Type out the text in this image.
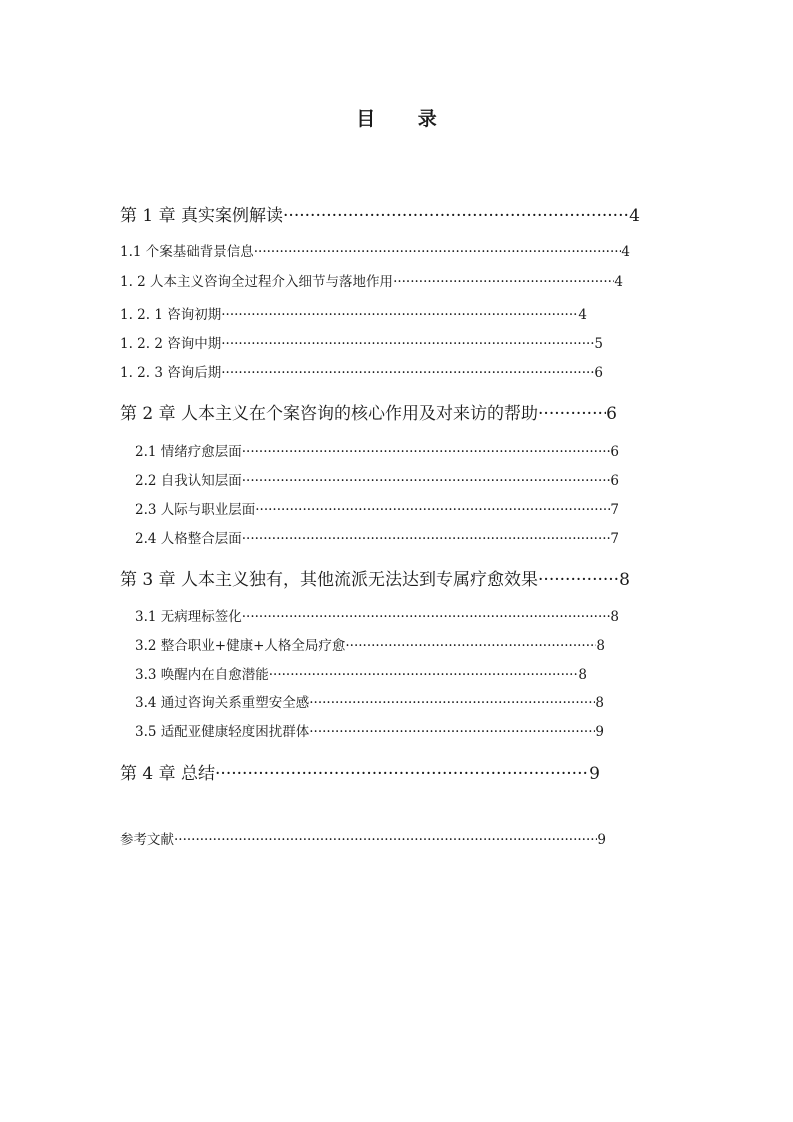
目 录
第 1 章 真实案例解读 ·····	4
1.1 个案基础背景信息 ·····	4
1. 2 人本主义咨询全过程介入细节与落地作用 ·····	4
1. 2. 1 咨询初期 ·····	4
1. 2. 2 咨询中期 ·····	5
1. 2. 3 咨询后期 ·····	6
第 2 章 人本主义在个案咨询的核心作用及对来访的帮助 ·····	6
2.1 情绪疗愈层面 ·····	6
2.2 自我认知层面 ·····	6
2.3 人际与职业层面 ·····	7
2.4 人格整合层面 ·····	7
第 3 章 人本主义独有，其他流派无法达到专属疗愈效果 ·····	8
3.1 无病理标签化 ·····	8
3.2 整合职业+健康+人格全局疗愈 ·····	8
3.3 唤醒内在自愈潜能 ·····	8
3.4 通过咨询关系重塑安全感 ·····	8
3.5 适配亚健康轻度困扰群体 ·····	9
第 4 章 总结 ·····	9
参考文献 ·····	9
